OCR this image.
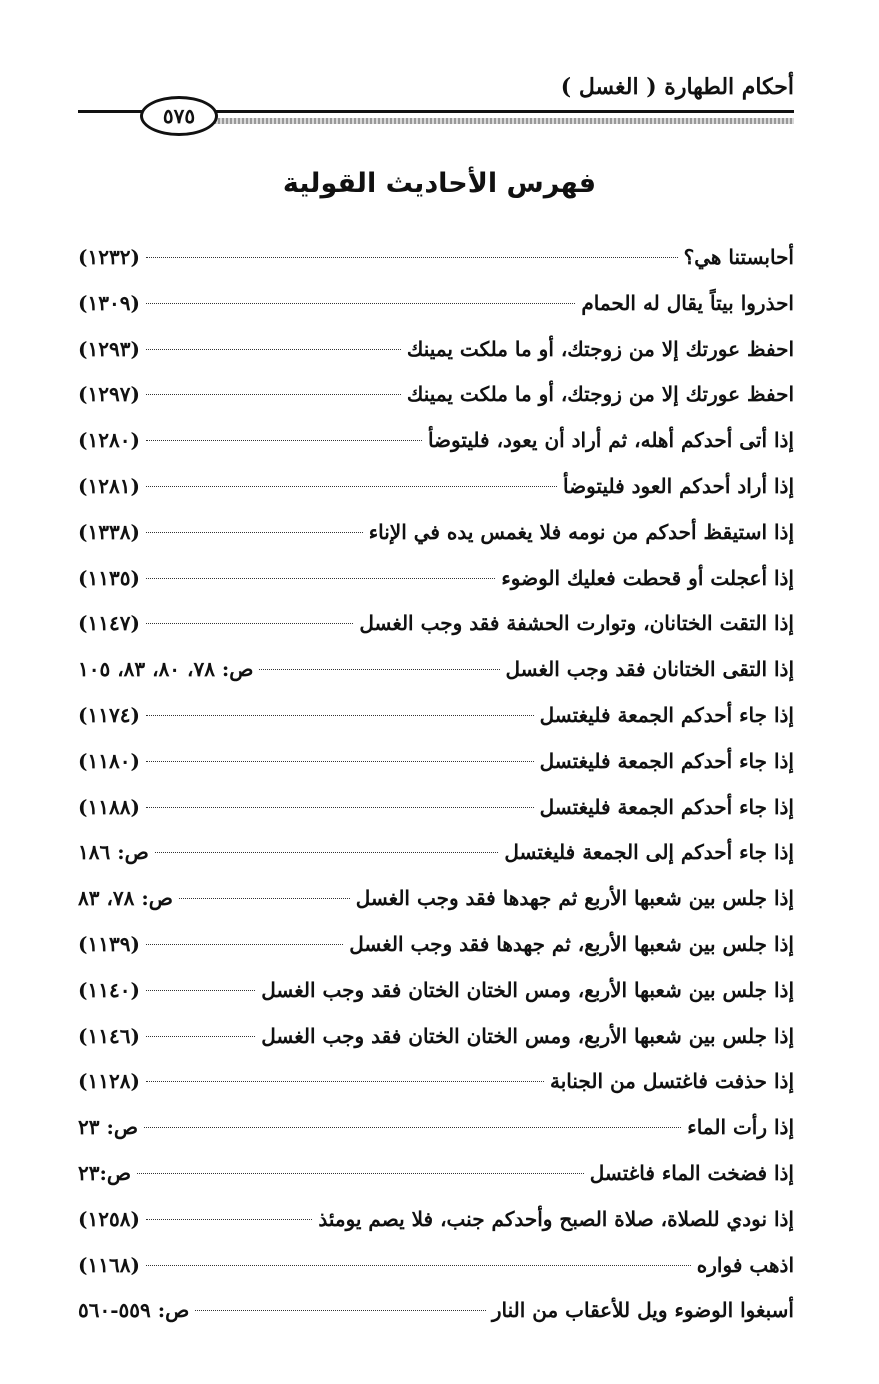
أحكام الطهارة ( الغسل )
٥٧٥
فهرس الأحاديث القولية
أحابستنا هي؟
(١٢٣٢)
احذروا بيتاً يقال له الحمام
(١٣٠٩)
احفظ عورتك إلا من زوجتك، أو ما ملكت يمينك
(١٢٩٣)
احفظ عورتك إلا من زوجتك، أو ما ملكت يمينك
(١٢٩٧)
إذا أتى أحدكم أهله، ثم أراد أن يعود، فليتوضأ
(١٢٨٠)
إذا أراد أحدكم العود فليتوضأ
(١٢٨١)
إذا استيقظ أحدكم من نومه فلا يغمس يده في الإناء
(١٣٣٨)
إذا أعجلت أو قحطت فعليك الوضوء
(١١٣٥)
إذا التقت الختانان، وتوارت الحشفة فقد وجب الغسل
(١١٤٧)
إذا التقى الختانان فقد وجب الغسل
ص: ٧٨، ٨٠، ٨٣، ١٠٥
إذا جاء أحدكم الجمعة فليغتسل
(١١٧٤)
إذا جاء أحدكم الجمعة فليغتسل
(١١٨٠)
إذا جاء أحدكم الجمعة فليغتسل
(١١٨٨)
إذا جاء أحدكم إلى الجمعة فليغتسل
ص: ١٨٦
إذا جلس بين شعبها الأربع ثم جهدها فقد وجب الغسل
ص: ٧٨، ٨٣
إذا جلس بين شعبها الأربع، ثم جهدها فقد وجب الغسل
(١١٣٩)
إذا جلس بين شعبها الأربع، ومس الختان الختان فقد وجب الغسل
(١١٤٠)
إذا جلس بين شعبها الأربع، ومس الختان الختان فقد وجب الغسل
(١١٤٦)
إذا حذفت فاغتسل من الجنابة
(١١٢٨)
إذا رأت الماء
ص: ٢٣
إذا فضخت الماء فاغتسل
ص:٢٣
إذا نودي للصلاة، صلاة الصبح وأحدكم جنب، فلا يصم يومئذ
(١٢٥٨)
اذهب فواره
(١١٦٨)
أسبغوا الوضوء ويل للأعقاب من النار
ص: ٥٥٩-٥٦٠
